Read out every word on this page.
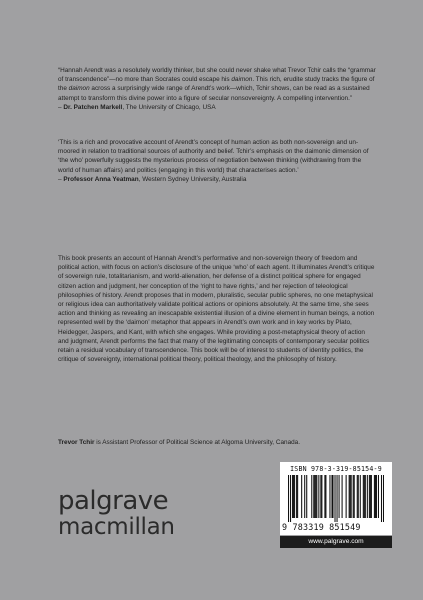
“Hannah Arendt was a resolutely worldly thinker, but she could never shake what Trevor Tchir calls the “grammar of transcendence”—no more than Socrates could escape his daimon. This rich, erudite study tracks the figure of the daimon across a surprisingly wide range of Arendt’s work—which, Tchir shows, can be read as a sustained attempt to transform this divine power into a figure of secular nonsovereignty. A compelling intervention.”

– Dr. Patchen Markell, The University of Chicago, USA

‘This is a rich and provocative account of Arendt’s concept of human action as both non-sovereign and un-moored in relation to traditional sources of authority and belief. Tchir’s emphasis on the daimonic dimension of ‘the who’ powerfully suggests the mysterious process of negotiation between thinking (withdrawing from the world of human affairs) and politics (engaging in this world) that characterises action.’

– Professor Anna Yeatman, Western Sydney University, Australia

This book presents an account of Hannah Arendt’s performative and non-sovereign theory of freedom and political action, with focus on action’s disclosure of the unique ‘who’ of each agent. It illuminates Arendt’s critique of sovereign rule, totalitarianism, and world-alienation, her defense of a distinct political sphere for engaged citizen action and judgment, her conception of the ‘right to have rights,’ and her rejection of teleological philosophies of history. Arendt proposes that in modern, pluralistic, secular public spheres, no one metaphysical or religious idea can authoritatively validate political actions or opinions absolutely. At the same time, she sees action and thinking as revealing an inescapable existential illusion of a divine element in human beings, a notion represented well by the ‘daimon’ metaphor that appears in Arendt’s own work and in key works by Plato, Heidegger, Jaspers, and Kant, with which she engages. While providing a post-metaphysical theory of action and judgment, Arendt performs the fact that many of the legitimating concepts of contemporary secular politics retain a residual vocabulary of transcendence. This book will be of interest to students of identity politics, the critique of sovereignty, international political theory, political theology, and the philosophy of history.

Trevor Tchir is Assistant Professor of Political Science at Algoma University, Canada.

palgrave
macmillan
ISBN 978-3-319-85154-9
9 783319 851549
www.palgrave.com
